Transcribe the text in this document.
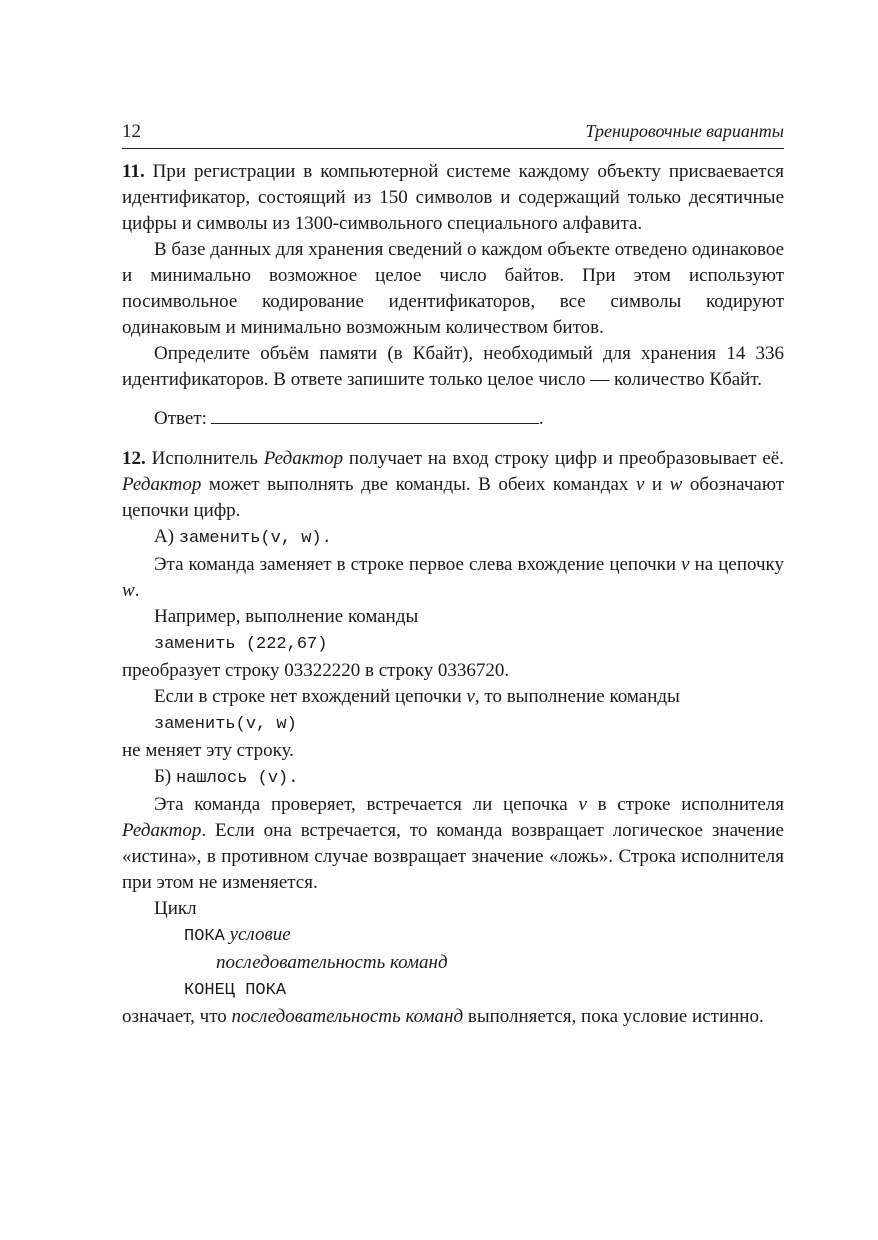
12	Тренировочные варианты

11. При регистрации в компьютерной системе каждому объекту присваевается идентификатор, состоящий из 150 символов и содержащий только десятичные цифры и символы из 1300-символьного специального алфавита.

В базе данных для хранения сведений о каждом объекте отведено одинаковое и минимально возможное целое число байтов. При этом используют посимвольное кодирование идентификаторов, все символы кодируют одинаковым и минимально возможным количеством битов.

Определите объём памяти (в Кбайт), необходимый для хранения 14 336 идентификаторов. В ответе запишите только целое число — количество Кбайт.

Ответ:	.

12. Исполнитель Редактор получает на вход строку цифр и преобразовывает её. Редактор может выполнять две команды. В обеих командах v и w обозначают цепочки цифр.

А) заменить(v, w).

Эта команда заменяет в строке первое слева вхождение цепочки v на цепочку w.

Например, выполнение команды

заменить (222,67)

преобразует строку 03322220 в строку 0336720.

Если в строке нет вхождений цепочки v, то выполнение команды

заменить(v, w)

не меняет эту строку.

Б) нашлось (v).

Эта команда проверяет, встречается ли цепочка v в строке исполнителя Редактор. Если она встречается, то команда возвращает логическое значение «истина», в противном случае возвращает значение «ложь». Строка исполнителя при этом не изменяется.

Цикл

ПОКА условие

последовательность команд

КОНЕЦ ПОКА

означает, что последовательность команд выполняется, пока условие истинно.
